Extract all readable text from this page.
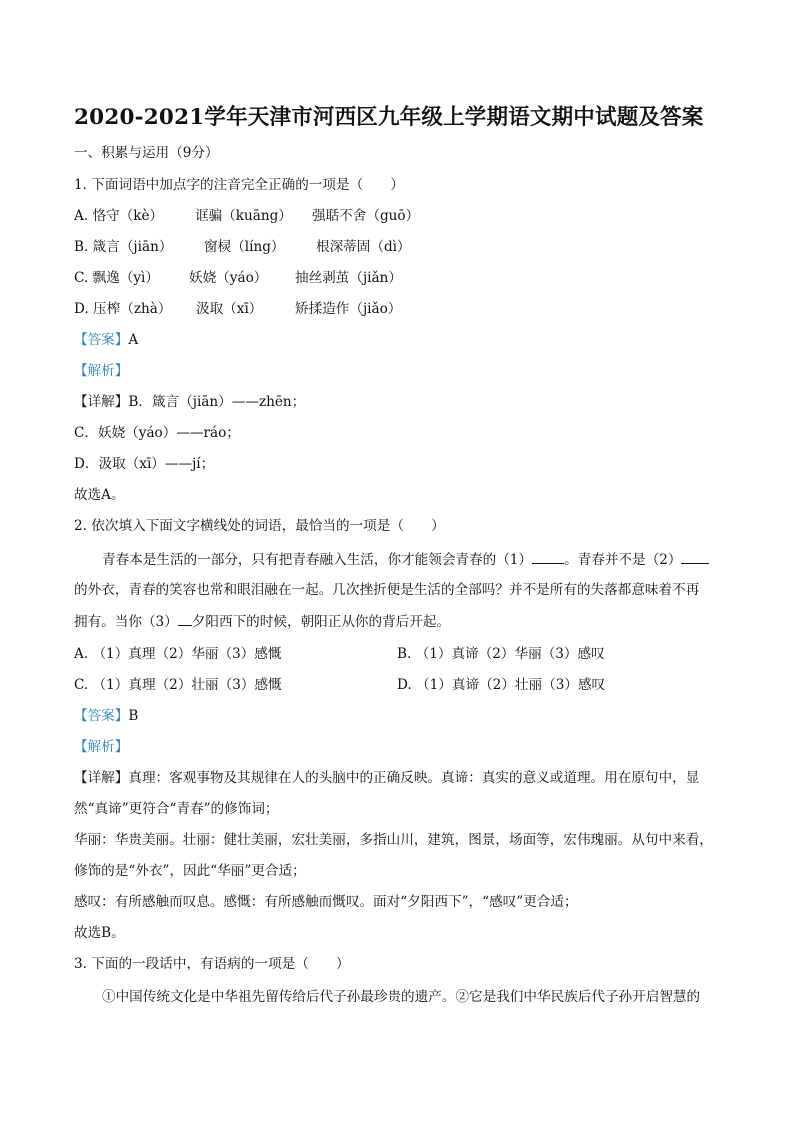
2020-2021学年天津市河西区九年级上学期语文期中试题及答案
一、积累与运用（9分）
1. 下面词语中加点字的注音完全正确的一项是（　　）
A. 恪守（kè） 诓骗（kuāng） 强聒不舍（guō）
B. 箴言（jiān） 窗棂（líng） 根深蒂固（dì）
C. 飘逸（yì） 妖娆（yáo） 抽丝剥茧（jiǎn）
D. 压榨（zhà） 汲取（xī） 矫揉造作（jiǎo）
【答案】A
【解析】
【详解】B．箴言（jiān）——zhēn；
C．妖娆（yáo）——ráo；
D．汲取（xī）——jí；
故选A。
2. 依次填入下面文字横线处的词语，最恰当的一项是（　　）
青春本是生活的一部分，只有把青春融入生活，你才能领会青春的（1） 。青春并不是（2）
的外衣，青春的笑容也常和眼泪融在一起。几次挫折便是生活的全部吗？并不是所有的失落都意味着不再
拥有。当你（3） 夕阳西下的时候，朝阳正从你的背后开起。
A. （1）真理（2）华丽（3）感慨	B. （1）真谛（2）华丽（3）感叹
C. （1）真理（2）壮丽（3）感慨	D. （1）真谛（2）壮丽（3）感叹
【答案】B
【解析】
【详解】真理：客观事物及其规律在人的头脑中的正确反映。真谛：真实的意义或道理。用在原句中，显
然“真谛”更符合“青春”的修饰词；
华丽：华贵美丽。壮丽：健壮美丽，宏壮美丽，多指山川，建筑，图景，场面等，宏伟瑰丽。从句中来看，
修饰的是“外衣”，因此“华丽”更合适；
感叹：有所感触而叹息。感慨：有所感触而慨叹。面对“夕阳西下”，“感叹”更合适；
故选B。
3. 下面的一段话中，有语病的一项是（　　）
①中国传统文化是中华祖先留传给后代子孙最珍贵的遗产。②它是我们中华民族后代子孙开启智慧的
